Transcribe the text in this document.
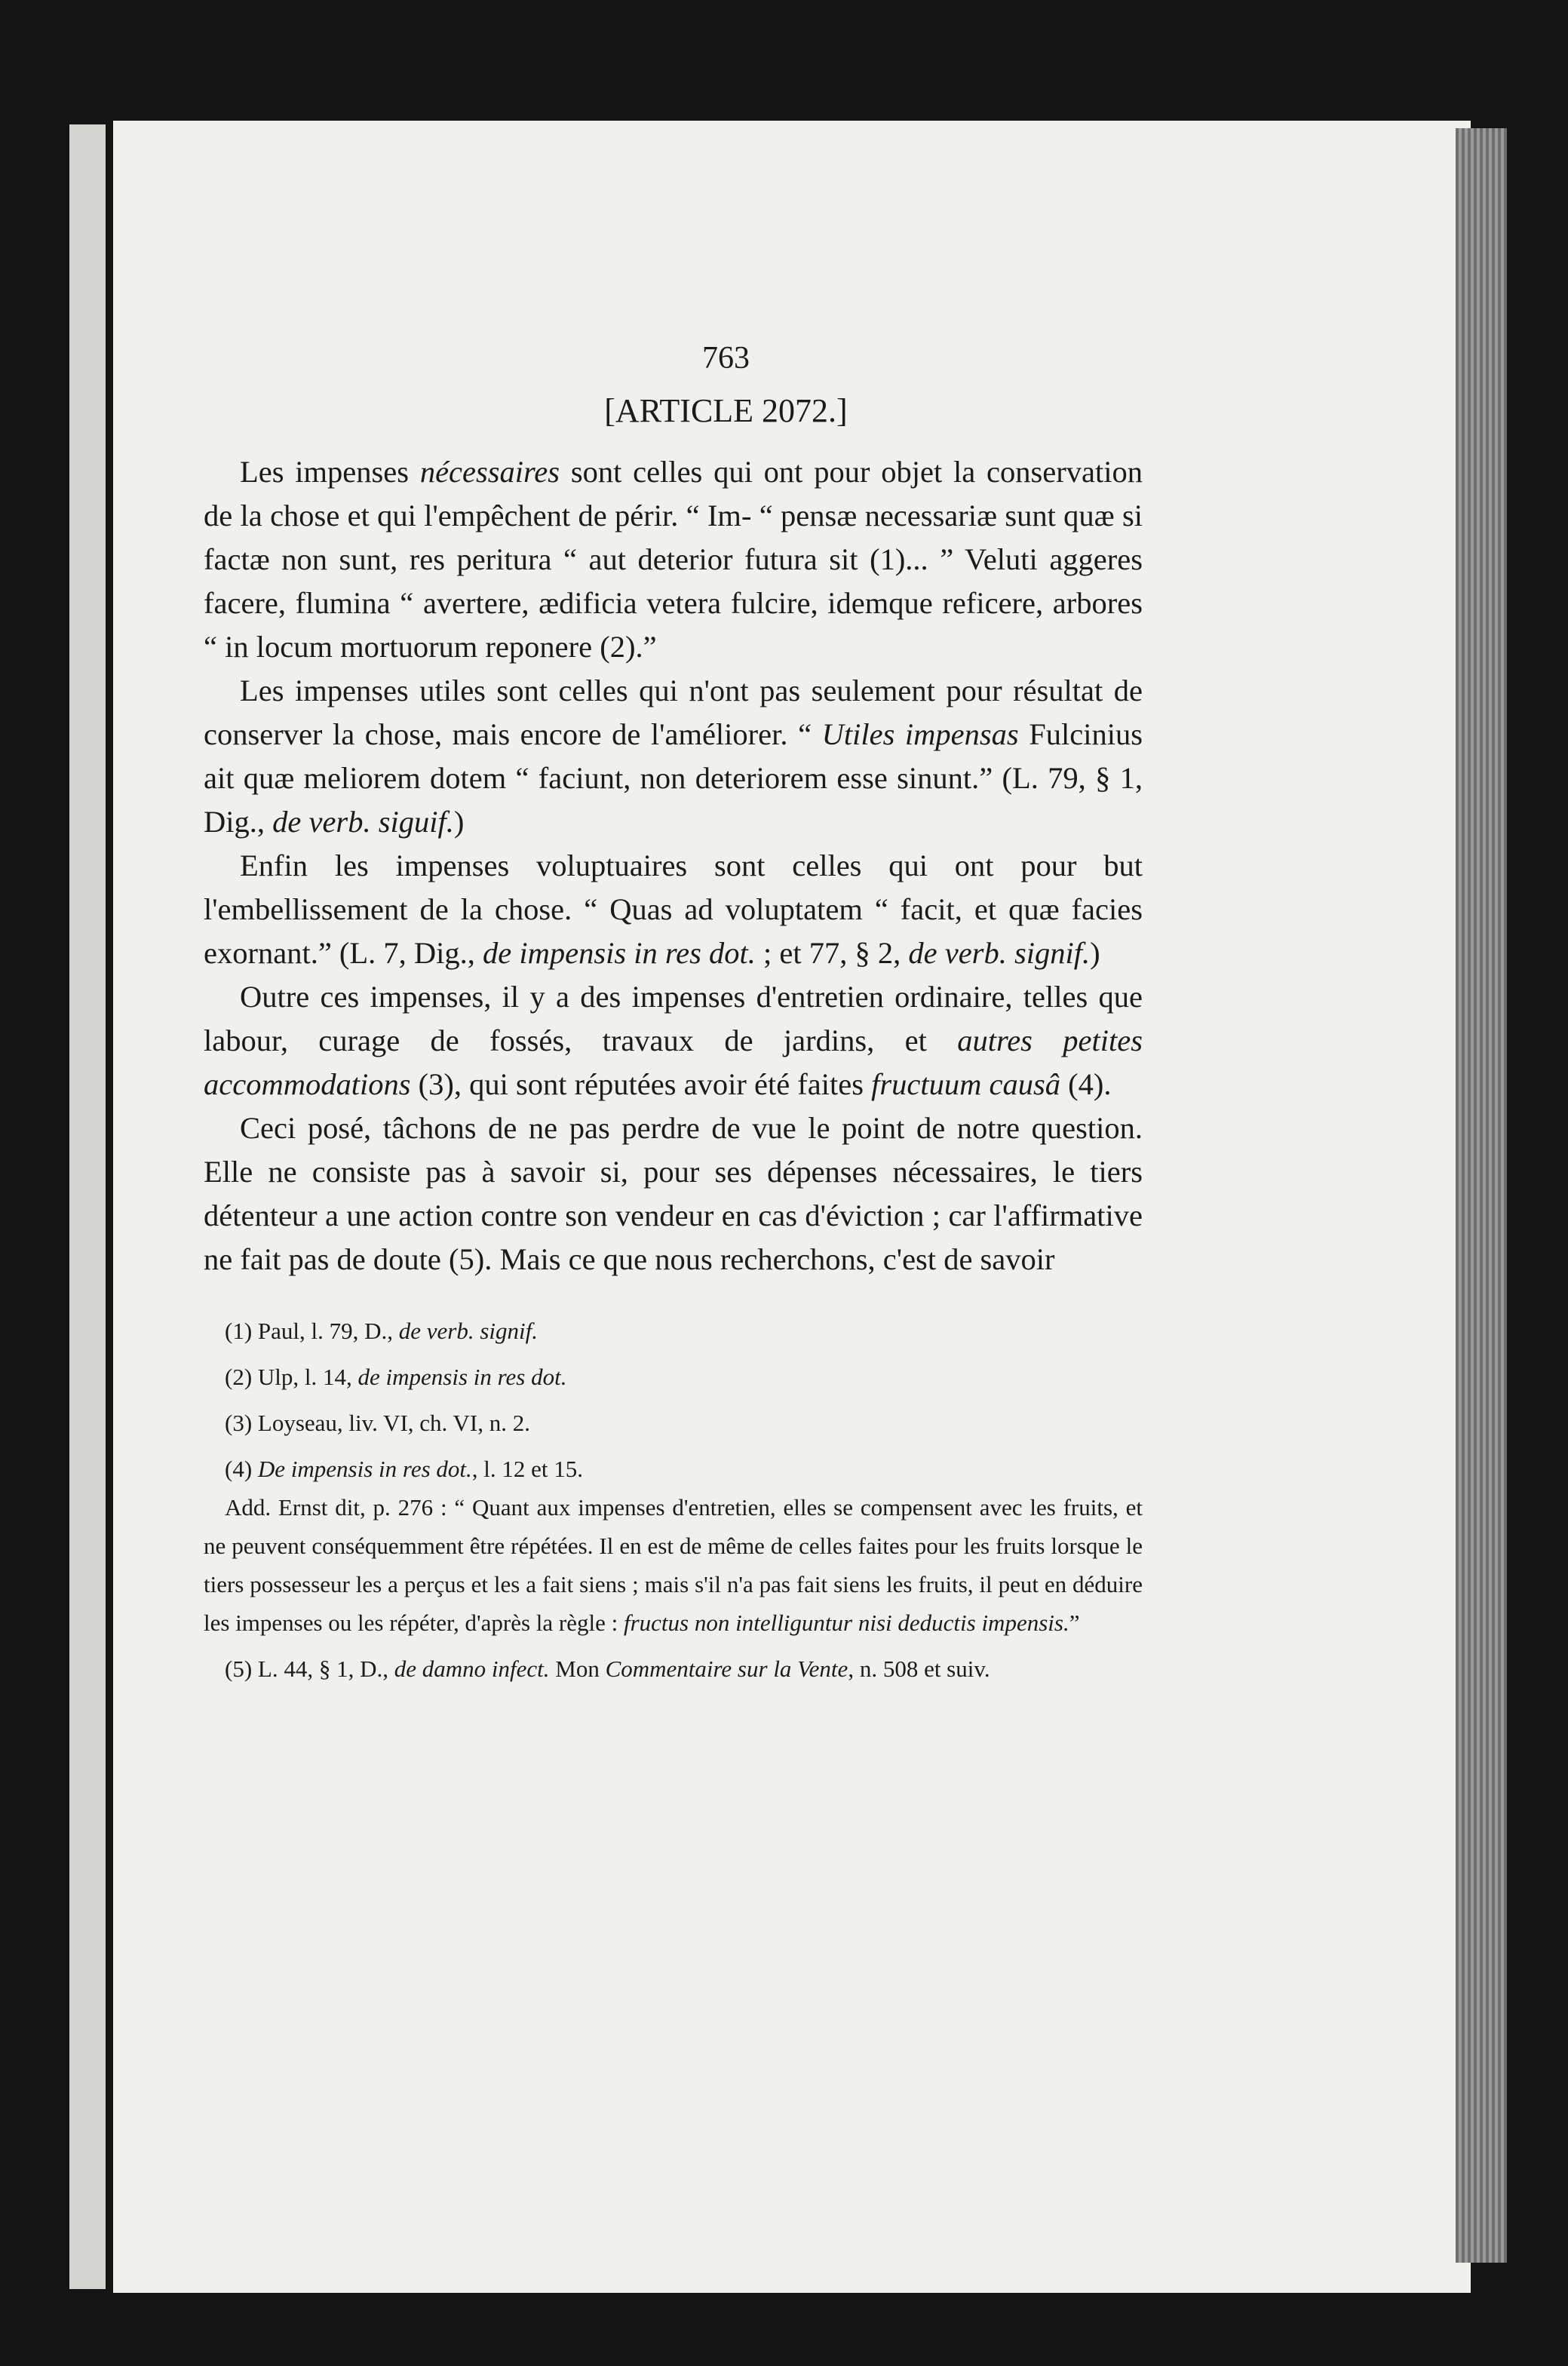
763

[ARTICLE 2072.]

Les impenses nécessaires sont celles qui ont pour objet la conservation de la chose et qui l'empêchent de périr. “ Im- “ pensæ necessariæ sunt quæ si factæ non sunt, res peritura “ aut deterior futura sit (1)... ” Veluti aggeres facere, flumina “ avertere, ædificia vetera fulcire, idemque reficere, arbores “ in locum mortuorum reponere (2).”

Les impenses utiles sont celles qui n'ont pas seulement pour résultat de conserver la chose, mais encore de l'améliorer. “ Utiles impensas Fulcinius ait quæ meliorem dotem “ faciunt, non deteriorem esse sinunt.” (L. 79, § 1, Dig., de verb. siguif.)

Enfin les impenses voluptuaires sont celles qui ont pour but l'embellissement de la chose. “ Quas ad voluptatem “ facit, et quæ facies exornant.” (L. 7, Dig., de impensis in res dot. ; et 77, § 2, de verb. signif.)

Outre ces impenses, il y a des impenses d'entretien ordinaire, telles que labour, curage de fossés, travaux de jardins, et autres petites accommodations (3), qui sont réputées avoir été faites fructuum causâ (4).

Ceci posé, tâchons de ne pas perdre de vue le point de notre question. Elle ne consiste pas à savoir si, pour ses dépenses nécessaires, le tiers détenteur a une action contre son vendeur en cas d'éviction ; car l'affirmative ne fait pas de doute (5). Mais ce que nous recherchons, c'est de savoir

(1) Paul, l. 79, D., de verb. signif.

(2) Ulp, l. 14, de impensis in res dot.

(3) Loyseau, liv. VI, ch. VI, n. 2.

(4) De impensis in res dot., l. 12 et 15.

Add. Ernst dit, p. 276 : “ Quant aux impenses d'entretien, elles se compensent avec les fruits, et ne peuvent conséquemment être répétées. Il en est de même de celles faites pour les fruits lorsque le tiers possesseur les a perçus et les a fait siens ; mais s'il n'a pas fait siens les fruits, il peut en déduire les impenses ou les répéter, d'après la règle : fructus non intelliguntur nisi deductis impensis.”

(5) L. 44, § 1, D., de damno infect. Mon Commentaire sur la Vente, n. 508 et suiv.
